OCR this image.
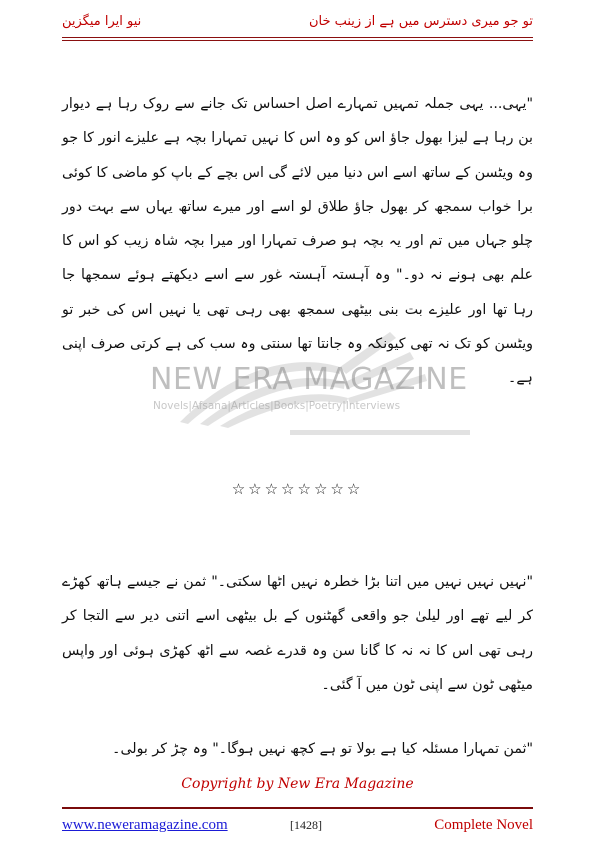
نیو ایرا میگزین	تو جو میری دسترس میں ہے از زینب خان
NEW ERA MAGAZINE
Novels|Afsana|Articles|Books|Poetry|Interviews
"یہی... یہی جملہ تمہیں تمہارے اصل احساس تک جانے سے روک رہا ہے دیوار بن رہا ہے لیزا بھول جاؤ اس کو وہ اس کا نہیں تمہارا بچہ ہے علیزے انور کا جو وہ ویٹسن کے ساتھ اسے اس دنیا میں لائے گی اس بچے کے باپ کو ماضی کا کوئی برا خواب سمجھ کر بھول جاؤ طلاق لو اسے اور میرے ساتھ یہاں سے بہت دور چلو جہاں میں تم اور یہ بچہ ہو صرف تمہارا اور میرا بچہ شاہ زیب کو اس کا علم بھی ہونے نہ دو۔" وہ آہستہ آہستہ غور سے اسے دیکھتے ہوئے سمجھا جا رہا تھا اور علیزے بت بنی بیٹھی سمجھ بھی رہی تھی یا نہیں اس کی خبر تو ویٹسن کو تک نہ تھی کیونکہ وہ جانتا تھا سنتی وہ سب کی ہے کرتی صرف اپنی ہے۔
☆☆☆☆☆☆☆☆
"نہیں نہیں نہیں میں اتنا بڑا خطرہ نہیں اٹھا سکتی۔" ثمن نے جیسے ہاتھ کھڑے کر لیے تھے اور لیلیٰ جو واقعی گھٹنوں کے بل بیٹھی اسے اتنی دیر سے التجا کر رہی تھی اس کا نہ نہ کا گانا سن وہ قدرے غصہ سے اٹھ کھڑی ہوئی اور واپس میٹھی ٹون سے اپنی ٹون میں آ گئی۔
"ثمن تمہارا مسئلہ کیا ہے بولا تو ہے کچھ نہیں ہوگا۔" وہ چڑ کر بولی۔
Copyright by New Era Magazine
www.neweramagazine.com	[1428]	Complete Novel
